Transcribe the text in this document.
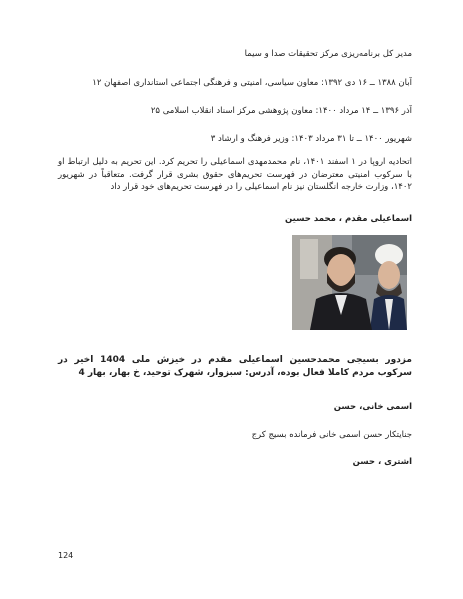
مدیر کل برنامه‌ریزی مرکز تحقیقات صدا و سیما
آبان ۱۳۸۸ ــ ۱۶ دی ۱۳۹۲: معاون سیاسی، امنیتی و فرهنگی اجتماعی استانداری اصفهان ۱۲
آذر ۱۳۹۶ ــ ۱۴ مرداد ۱۴۰۰: معاون پژوهشی مرکز اسناد انقلاب اسلامی ۲۵
شهریور ۱۴۰۰ ــ تا ۳۱ مرداد ۱۴۰۳: وزیر فرهنگ و ارشاد ۳
اتحادیه اروپا در ۱ اسفند ۱۴۰۱، نام محمدمهدی اسماعیلی را تحریم کرد. این تحریم به دلیل ارتباط او با سرکوب امنیتی معترضان در فهرست تحریم‌های حقوق بشری قرار گرفت. متعاقباً در شهریور ۱۴۰۲، وزارت خارجه انگلستان نیز نام اسماعیلی را در فهرست تحریم‌های خود قرار داد
اسماعیلی مقدم ، محمد حسین
مزدور بسیجی محمدحسین اسماعیلی مقدم در خیزش ملی 1404 اخیر در سرکوب مردم کاملا فعال بوده، آدرس: سبزوار، شهرک توحید، خ بهار، بهار 4
اسمی خانی، حسن
جنایتکار حسن اسمی خانی فرمانده بسیج کرج
اشتری ، حسن
124
